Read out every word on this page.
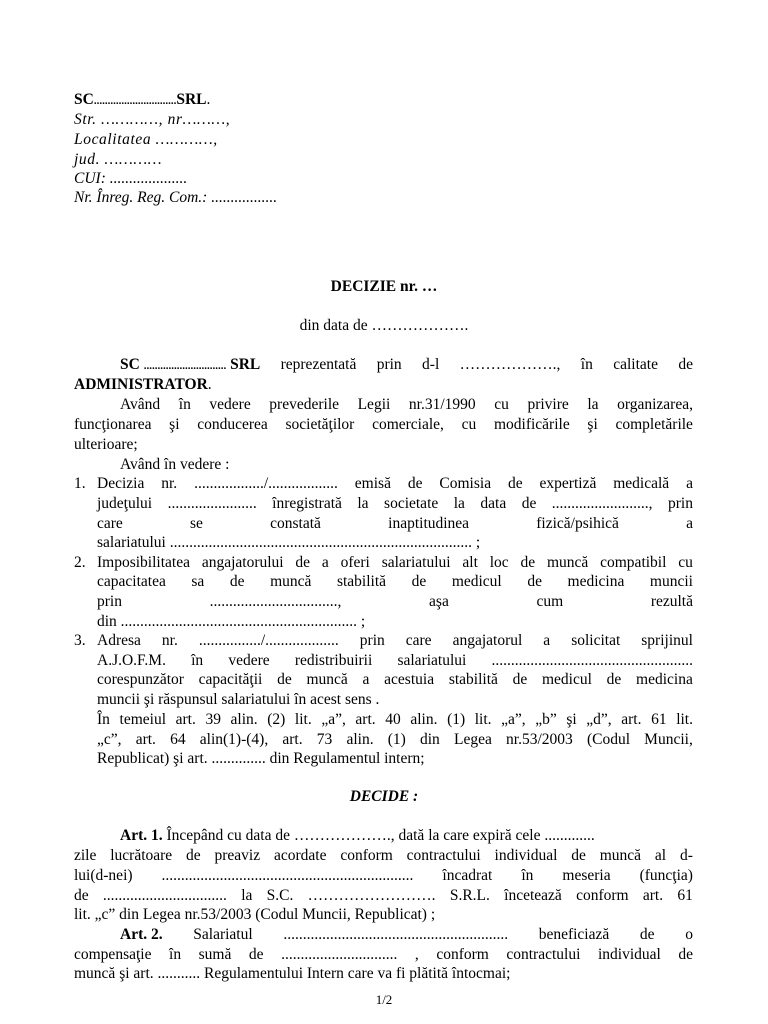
SC..............................SRL.
Str. …………, nr………,
Localitatea …………,
jud. …………
CUI: ....................
Nr. Înreg. Reg. Com.: .................
DECIZIE nr. …
din data de ……………….
SC .............................. SRL reprezentată prin d-l ………………., în calitate de
ADMINISTRATOR.
Având în vedere prevederile Legii nr.31/1990 cu privire la organizarea,
funcţionarea şi conducerea societăţilor comerciale, cu modificările şi completările
ulterioare;
Având în vedere :
1. Decizia nr. ................../.................. emisă de Comisia de expertiză medicală a
judeţului ....................... înregistrată la societate la data de ........................., prin
care	se	constată	inaptitudinea	fizică/psihică	a
salariatului .............................................................................. ;
2. Imposibilitatea angajatorului de a oferi salariatului alt loc de muncă compatibil cu
capacitatea sa de muncă stabilită de medicul de medicina muncii
prin	.................................,	aşa	cum	rezultă
din ............................................................. ;
3. Adresa nr. ................/................... prin care angajatorul a solicitat sprijinul
A.J.O.F.M. în vedere redistribuirii salariatului ....................................................
corespunzător capacităţii de muncă a acestuia stabilită de medicul de medicina
muncii şi răspunsul salariatului în acest sens .
În temeiul art. 39 alin. (2) lit. „a”, art. 40 alin. (1) lit. „a”, „b” şi „d”, art. 61 lit.
„c”, art. 64 alin(1)-(4), art. 73 alin. (1) din Legea nr.53/2003 (Codul Muncii,
Republicat) şi art. .............. din Regulamentul intern;
DECIDE :
Art. 1. Începând cu data de ………………., dată la care expiră cele .............
zile lucrătoare de preaviz acordate conform contractului individual de muncă al d-
lui(d-nei) ................................................................. încadrat în meseria (funcţia)
de ................................ la S.C. ……………………. S.R.L. încetează conform art. 61
lit. „c” din Legea nr.53/2003 (Codul Muncii, Republicat) ;
Art. 2. Salariatul .......................................................... beneficiază de o
compensaţie în sumă de .............................. , conform contractului individual de
muncă şi art. ........... Regulamentului Intern care va fi plătită întocmai;
1/2
